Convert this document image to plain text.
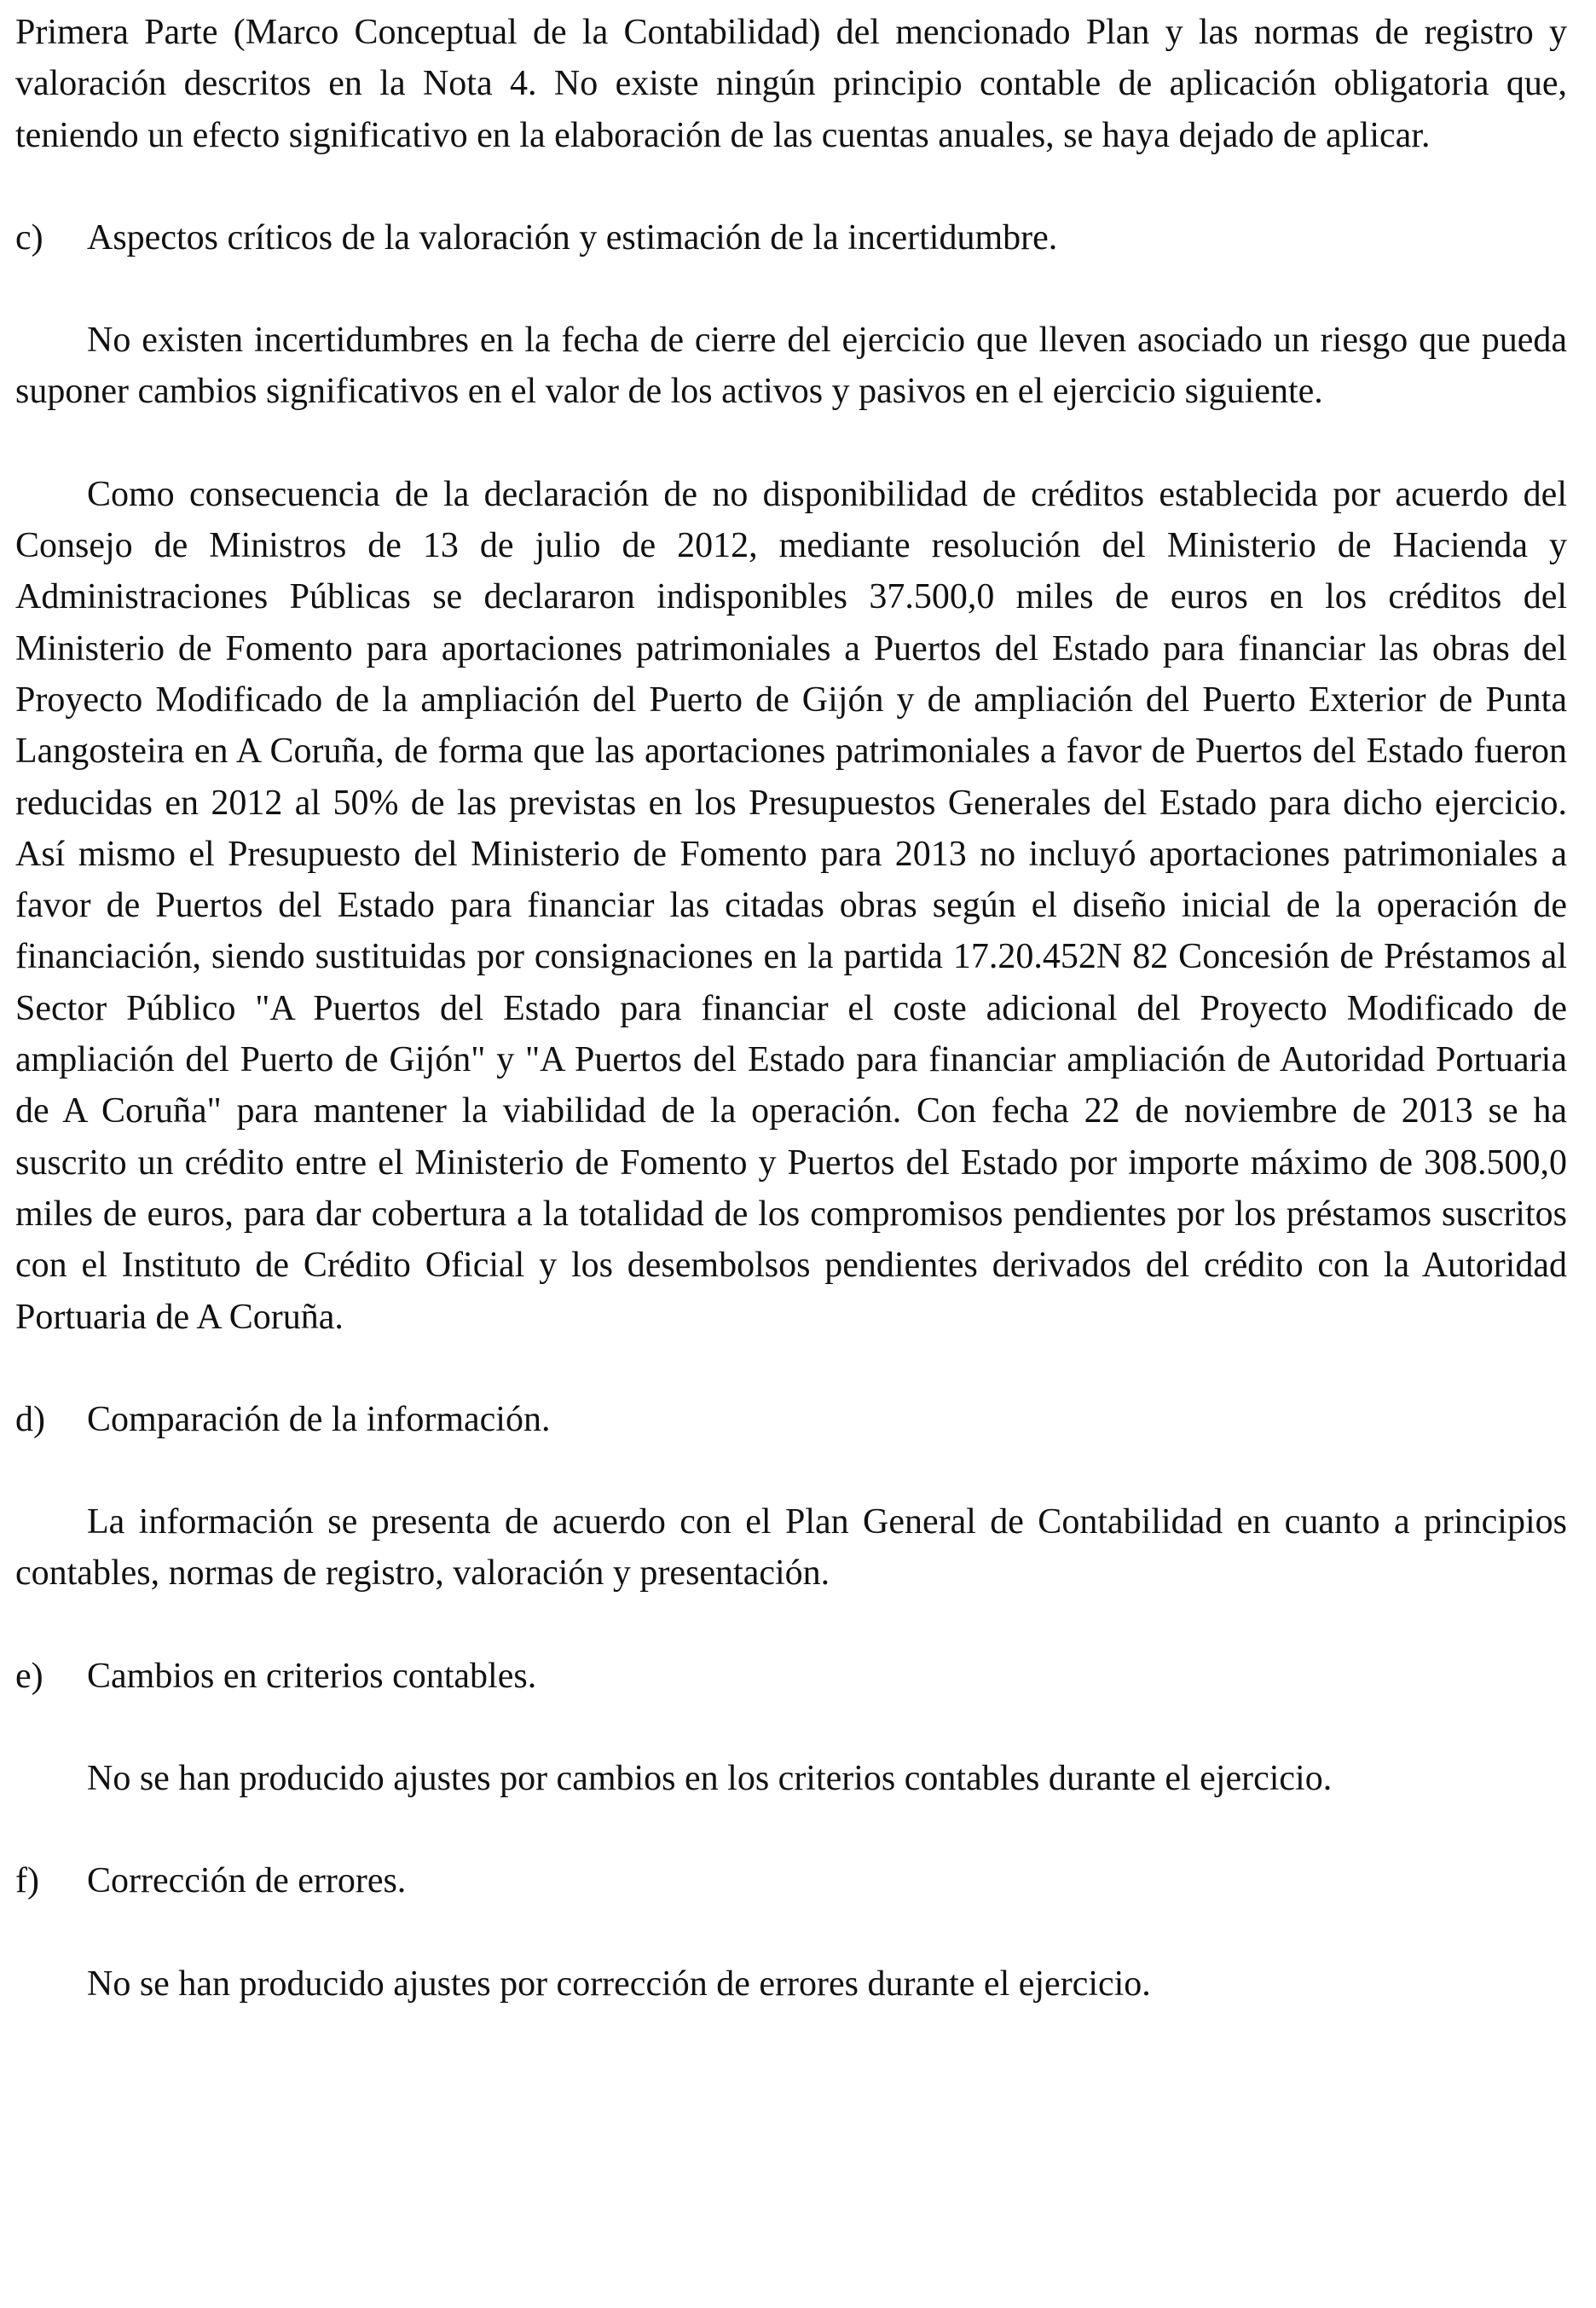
Primera Parte (Marco Conceptual de la Contabilidad) del mencionado Plan y las normas de registro y valoración descritos en la Nota 4. No existe ningún principio contable de aplicación obligatoria que, teniendo un efecto significativo en la elaboración de las cuentas anuales, se haya dejado de aplicar.

c)	Aspectos críticos de la valoración y estimación de la incertidumbre.

No existen incertidumbres en la fecha de cierre del ejercicio que lleven asociado un riesgo que pueda suponer cambios significativos en el valor de los activos y pasivos en el ejercicio siguiente.

Como consecuencia de la declaración de no disponibilidad de créditos establecida por acuerdo del Consejo de Ministros de 13 de julio de 2012, mediante resolución del Ministerio de Hacienda y Administraciones Públicas se declararon indisponibles 37.500,0 miles de euros en los créditos del Ministerio de Fomento para aportaciones patrimoniales a Puertos del Estado para financiar las obras del Proyecto Modificado de la ampliación del Puerto de Gijón y de ampliación del Puerto Exterior de Punta Langosteira en A Coruña, de forma que las aportaciones patrimoniales a favor de Puertos del Estado fueron reducidas en 2012 al 50% de las previstas en los Presupuestos Generales del Estado para dicho ejercicio. Así mismo el Presupuesto del Ministerio de Fomento para 2013 no incluyó aportaciones patrimoniales a favor de Puertos del Estado para financiar las citadas obras según el diseño inicial de la operación de financiación, siendo sustituidas por consignaciones en la partida 17.20.452N 82 Concesión de Préstamos al Sector Público "A Puertos del Estado para financiar el coste adicional del Proyecto Modificado de ampliación del Puerto de Gijón" y "A Puertos del Estado para financiar ampliación de Autoridad Portuaria de A Coruña" para mantener la viabilidad de la operación. Con fecha 22 de noviembre de 2013 se ha suscrito un crédito entre el Ministerio de Fomento y Puertos del Estado por importe máximo de 308.500,0 miles de euros, para dar cobertura a la totalidad de los compromisos pendientes por los préstamos suscritos con el Instituto de Crédito Oficial y los desembolsos pendientes derivados del crédito con la Autoridad Portuaria de A Coruña.

d)	Comparación de la información.

La información se presenta de acuerdo con el Plan General de Contabilidad en cuanto a principios contables, normas de registro, valoración y presentación.

e)	Cambios en criterios contables.

No se han producido ajustes por cambios en los criterios contables durante el ejercicio.

f)	Corrección de errores.

No se han producido ajustes por corrección de errores durante el ejercicio.
